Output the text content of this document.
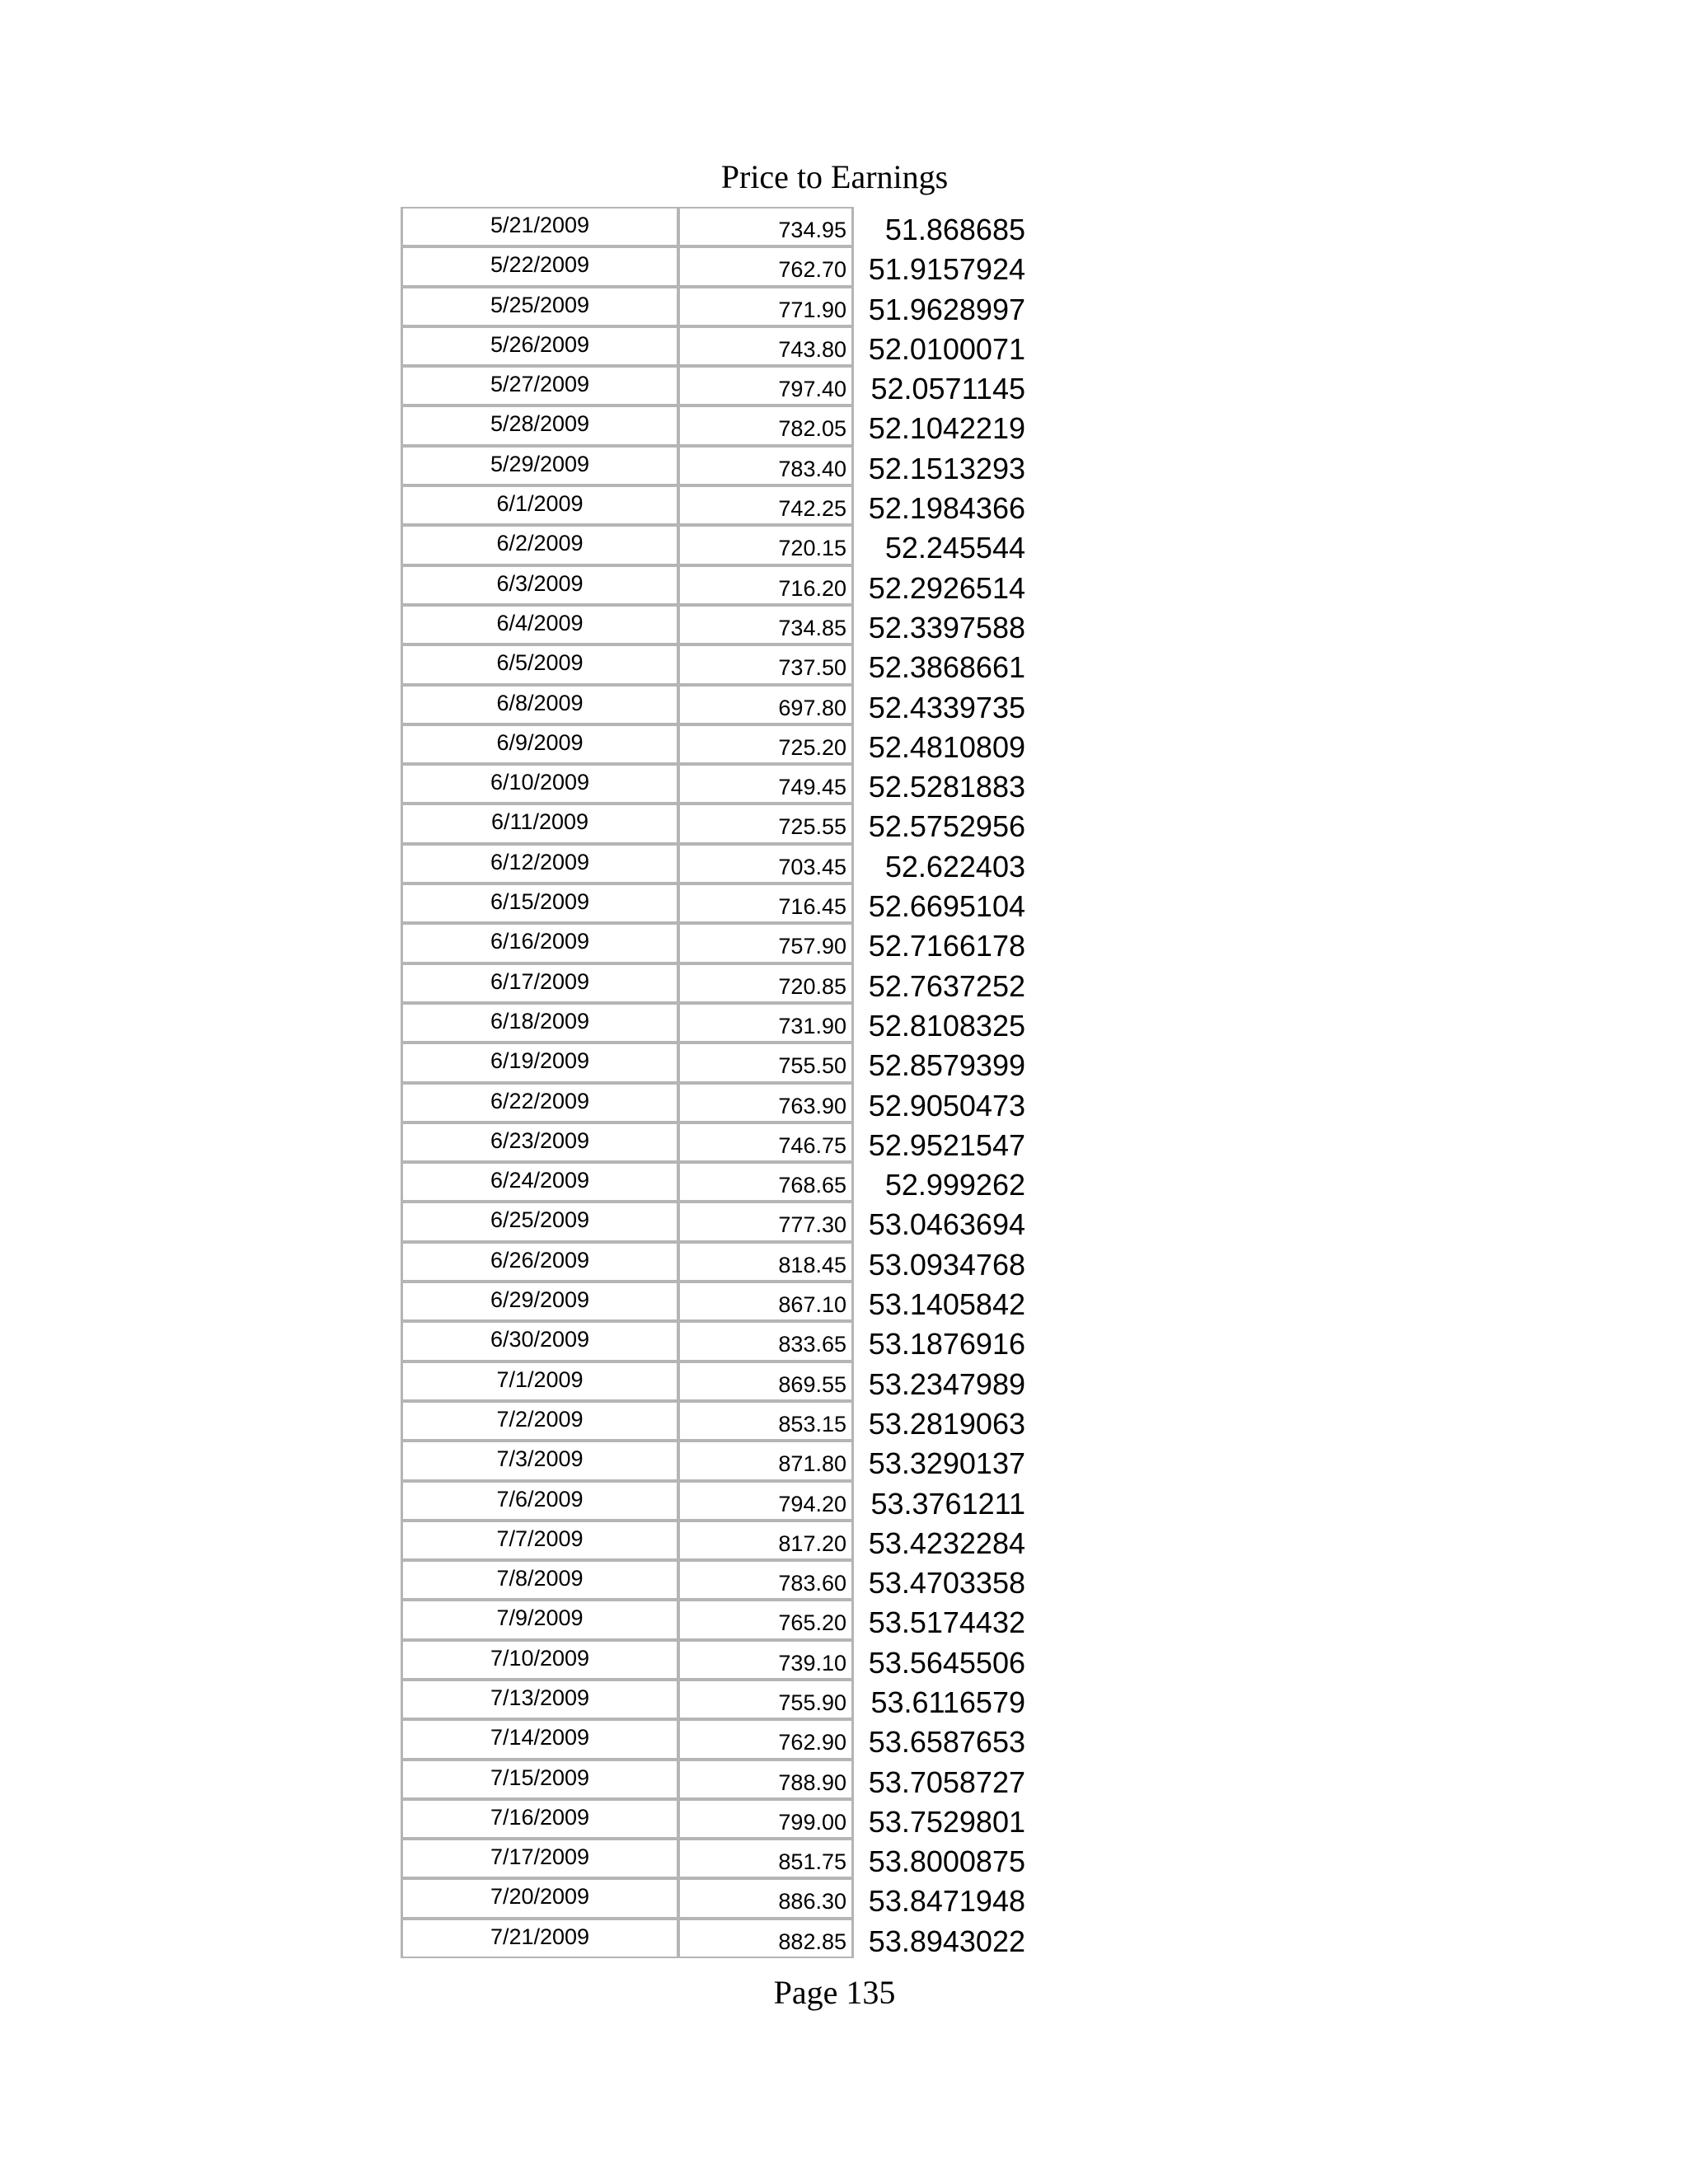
Price to Earnings
5/21/2009	734.95	51.868685
5/22/2009	762.70 51.9157924
5/25/2009	771.90 51.9628997
5/26/2009	743.80 52.0100071
5/27/2009	797.40 52.0571145
5/28/2009	782.05 52.1042219
5/29/2009	783.40 52.1513293
6/1/2009	742.25 52.1984366
6/2/2009	720.15	52.245544
6/3/2009	716.20 52.2926514
6/4/2009	734.85 52.3397588
6/5/2009	737.50 52.3868661
6/8/2009	697.80 52.4339735
6/9/2009	725.20 52.4810809
6/10/2009	749.45 52.5281883
6/11/2009	725.55 52.5752956
6/12/2009	703.45	52.622403
6/15/2009	716.45 52.6695104
6/16/2009	757.90 52.7166178
6/17/2009	720.85 52.7637252
6/18/2009	731.90 52.8108325
6/19/2009	755.50 52.8579399
6/22/2009	763.90 52.9050473
6/23/2009	746.75 52.9521547
6/24/2009	768.65	52.999262
6/25/2009	777.30 53.0463694
6/26/2009	818.45 53.0934768
6/29/2009	867.10 53.1405842
6/30/2009	833.65 53.1876916
7/1/2009	869.55 53.2347989
7/2/2009	853.15 53.2819063
7/3/2009	871.80 53.3290137
7/6/2009	794.20 53.3761211
7/7/2009	817.20 53.4232284
7/8/2009	783.60 53.4703358
7/9/2009	765.20 53.5174432
7/10/2009	739.10 53.5645506
7/13/2009	755.90 53.6116579
7/14/2009	762.90 53.6587653
7/15/2009	788.90 53.7058727
7/16/2009	799.00 53.7529801
7/17/2009	851.75 53.8000875
7/20/2009	886.30 53.8471948
7/21/2009	882.85 53.8943022
Page 135
